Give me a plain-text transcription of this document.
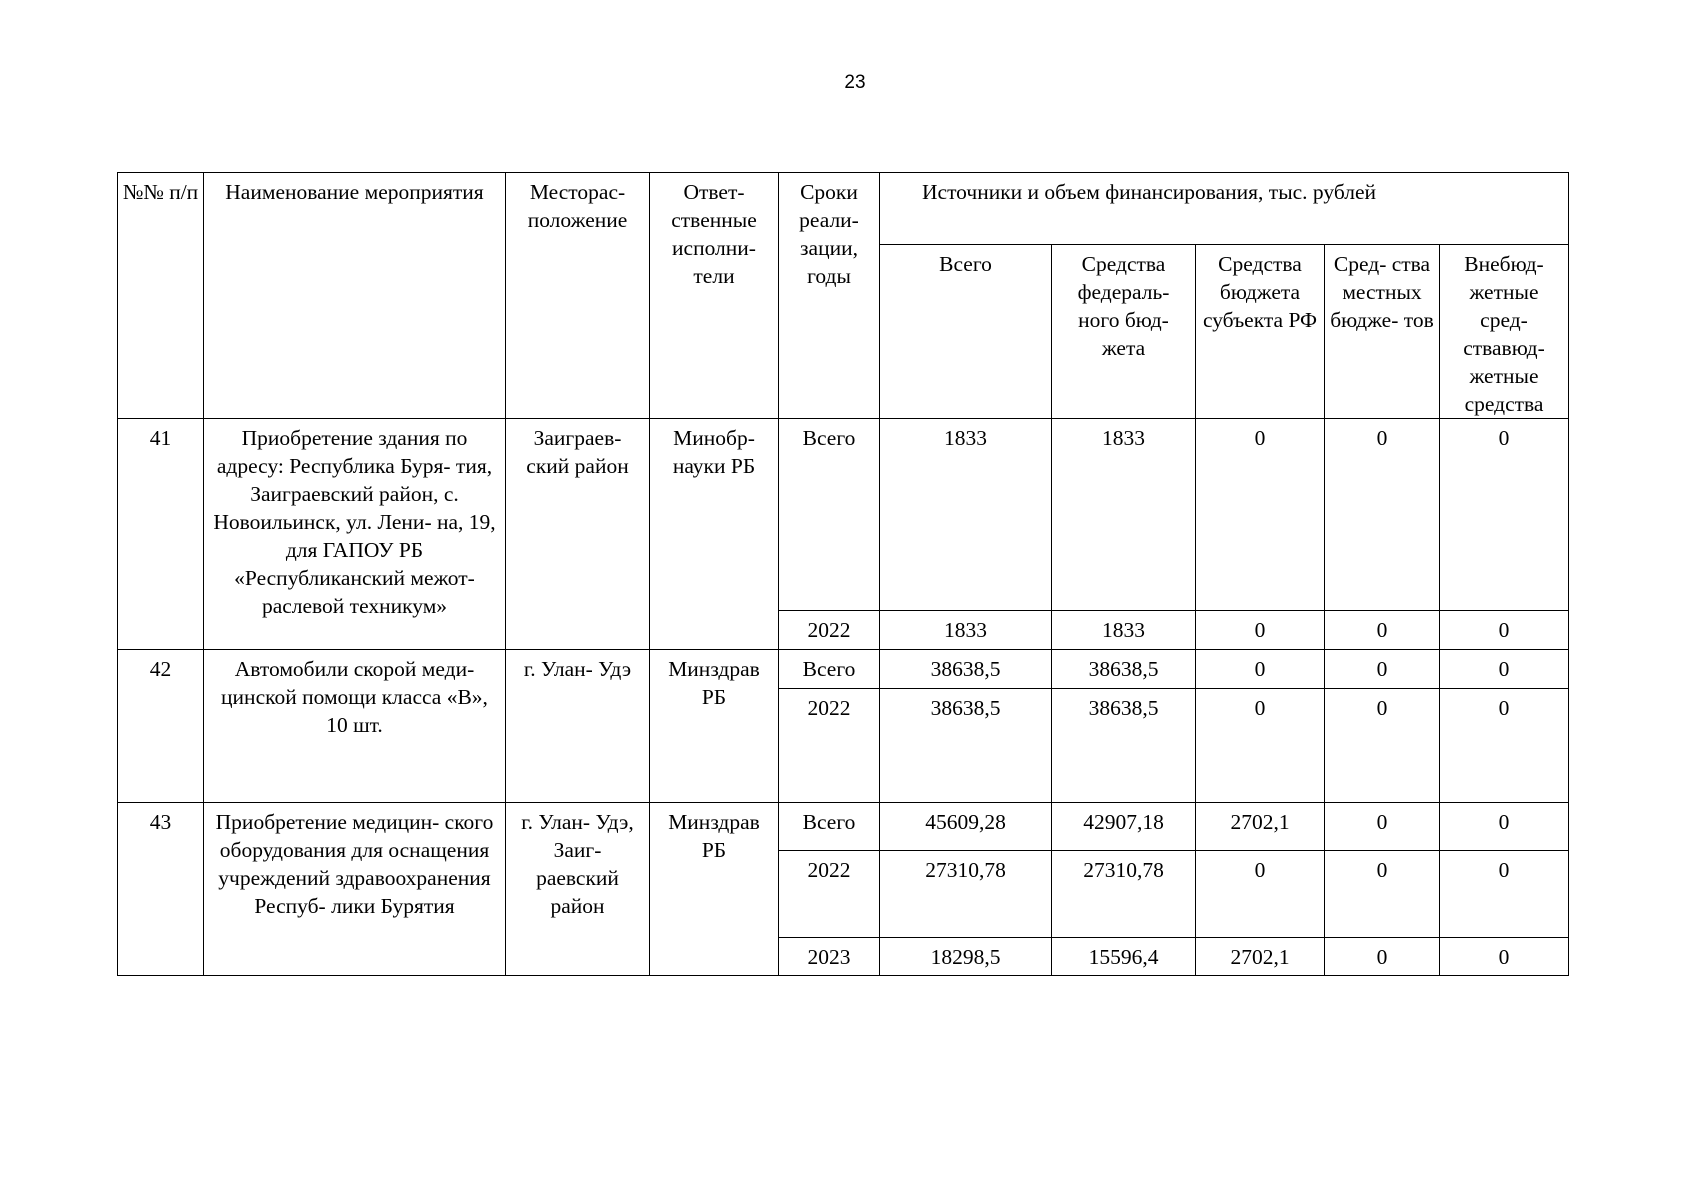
23
№№ п/п	Наименование мероприятия	Месторас- положение	Ответ- ственные исполни- тели	Сроки реали- зации, годы	Источники и объем финансирования, тыс. рублей				
					Всего	Средства федераль- ного бюд- жета	Средства бюджета субъекта РФ	Сред- ства местных бюдже- тов	Внебюд- жетные сред- ствавюд- жетные средства
41	Приобретение здания по адресу: Республика Буря- тия, Заиграевский район, с. Новоильинск, ул. Лени- на, 19, для ГАПОУ РБ «Республиканский межот- раслевой техникум»	Заиграев- ский район	Минобр- науки РБ	Всего	1833	1833	0	0	0
				2022	1833	1833	0	0	0
42	Автомобили скорой меди- цинской помощи класса «В», 10 шт.	г. Улан- Удэ	Минздрав РБ	Всего	38638,5	38638,5	0	0	0
				2022	38638,5	38638,5	0	0	0
43	Приобретение медицин- ского оборудования для оснащения учреждений здравоохранения Респуб- лики Бурятия	г. Улан- Удэ, Заиг- раевский район	Минздрав РБ	Всего	45609,28	42907,18	2702,1	0	0
				2022	27310,78	27310,78	0	0	0
				2023	18298,5	15596,4	2702,1	0	0
